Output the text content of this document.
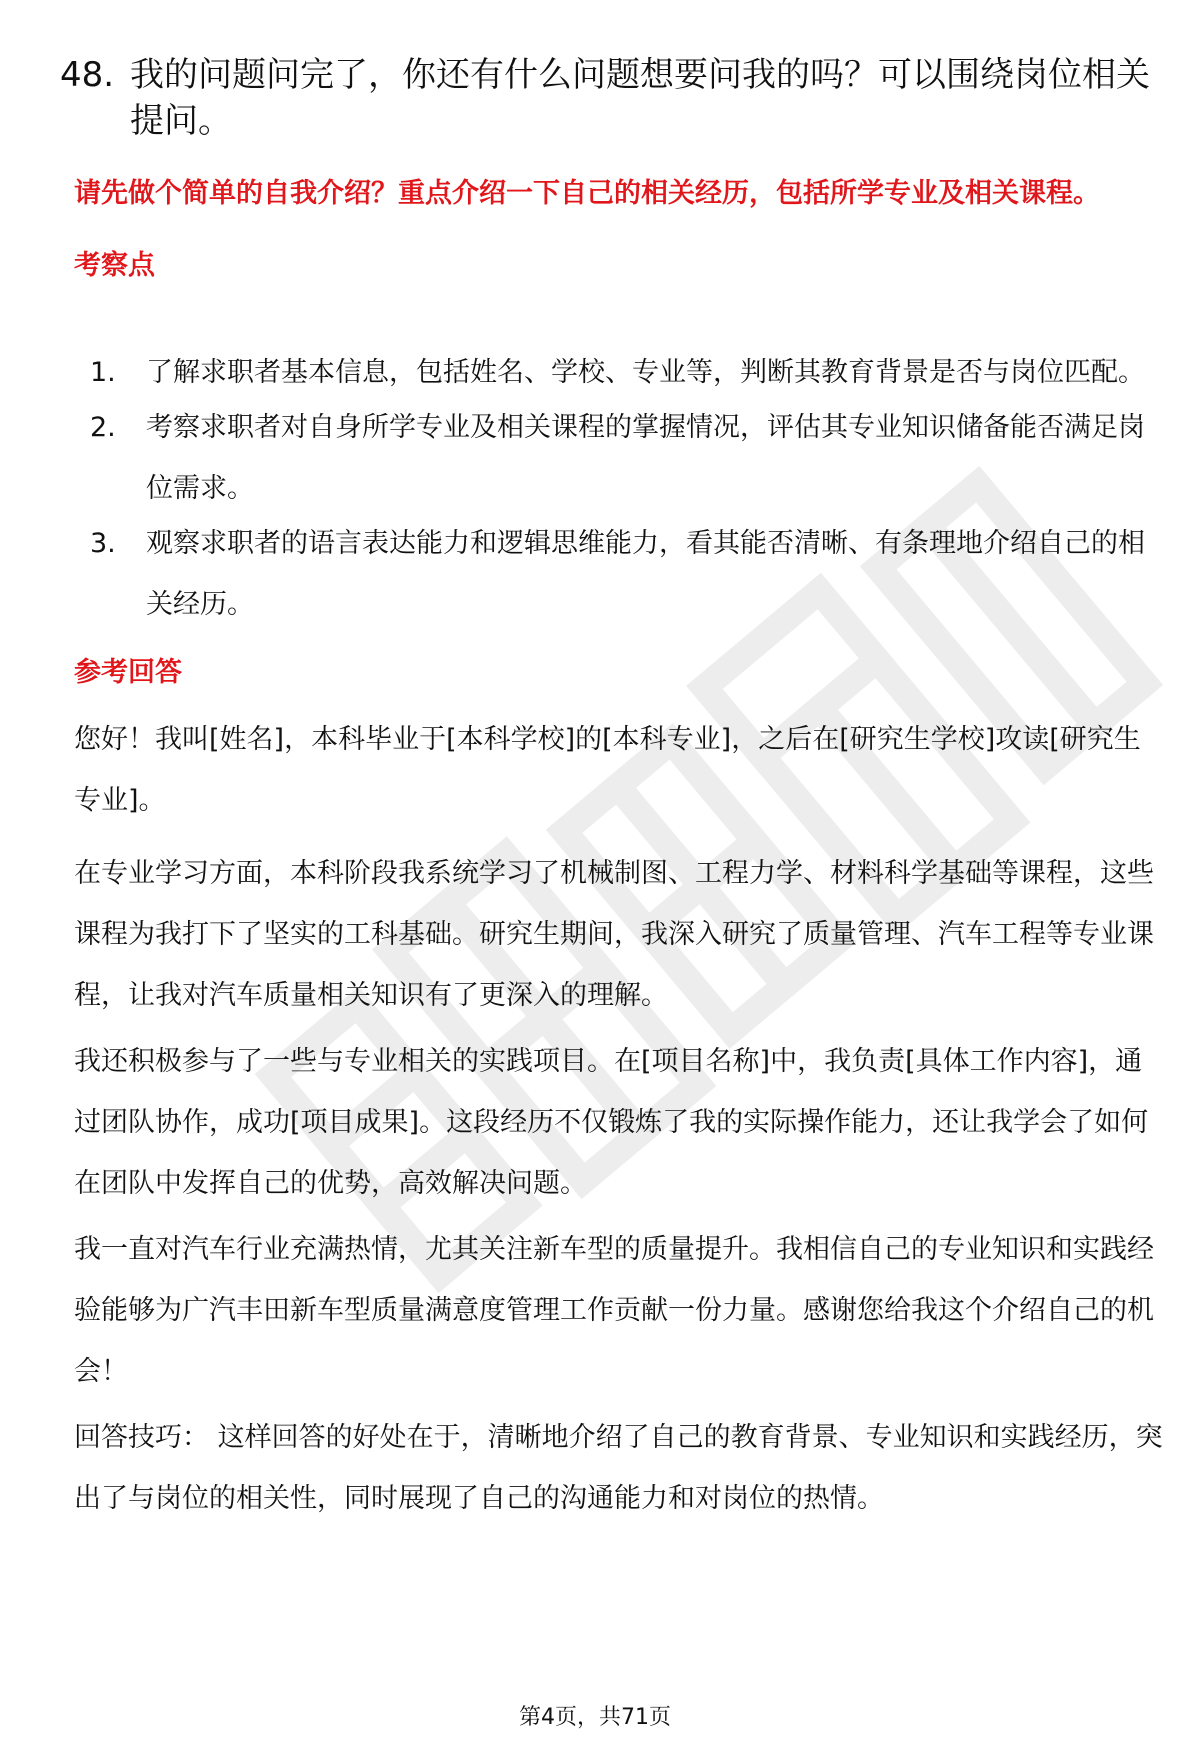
48. 我的问题问完了，你还有什么问题想要问我的吗？可以围绕岗位相关提问。
请先做个简单的自我介绍？重点介绍一下自己的相关经历，包括所学专业及相关课程。
考察点
1.	了解求职者基本信息，包括姓名、学校、专业等，判断其教育背景是否与岗位匹配。
2.	考察求职者对自身所学专业及相关课程的掌握情况，评估其专业知识储备能否满足岗位需求。
3.	观察求职者的语言表达能力和逻辑思维能力，看其能否清晰、有条理地介绍自己的相关经历。
参考回答

您好！我叫[姓名]，本科毕业于[本科学校]的[本科专业]，之后在[研究生学校]攻读[研究生专业]。

在专业学习方面，本科阶段我系统学习了机械制图、工程力学、材料科学基础等课程，这些课程为我打下了坚实的工科基础。研究生期间，我深入研究了质量管理、汽车工程等专业课程，让我对汽车质量相关知识有了更深入的理解。

我还积极参与了一些与专业相关的实践项目。在[项目名称]中，我负责[具体工作内容]，通过团队协作，成功[项目成果]。这段经历不仅锻炼了我的实际操作能力，还让我学会了如何在团队中发挥自己的优势，高效解决问题。

我一直对汽车行业充满热情，尤其关注新车型的质量提升。我相信自己的专业知识和实践经验能够为广汽丰田新车型质量满意度管理工作贡献一份力量。感谢您给我这个介绍自己的机会！

回答技巧： 这样回答的好处在于，清晰地介绍了自己的教育背景、专业知识和实践经历，突出了与岗位的相关性，同时展现了自己的沟通能力和对岗位的热情。

第4页，共71页
